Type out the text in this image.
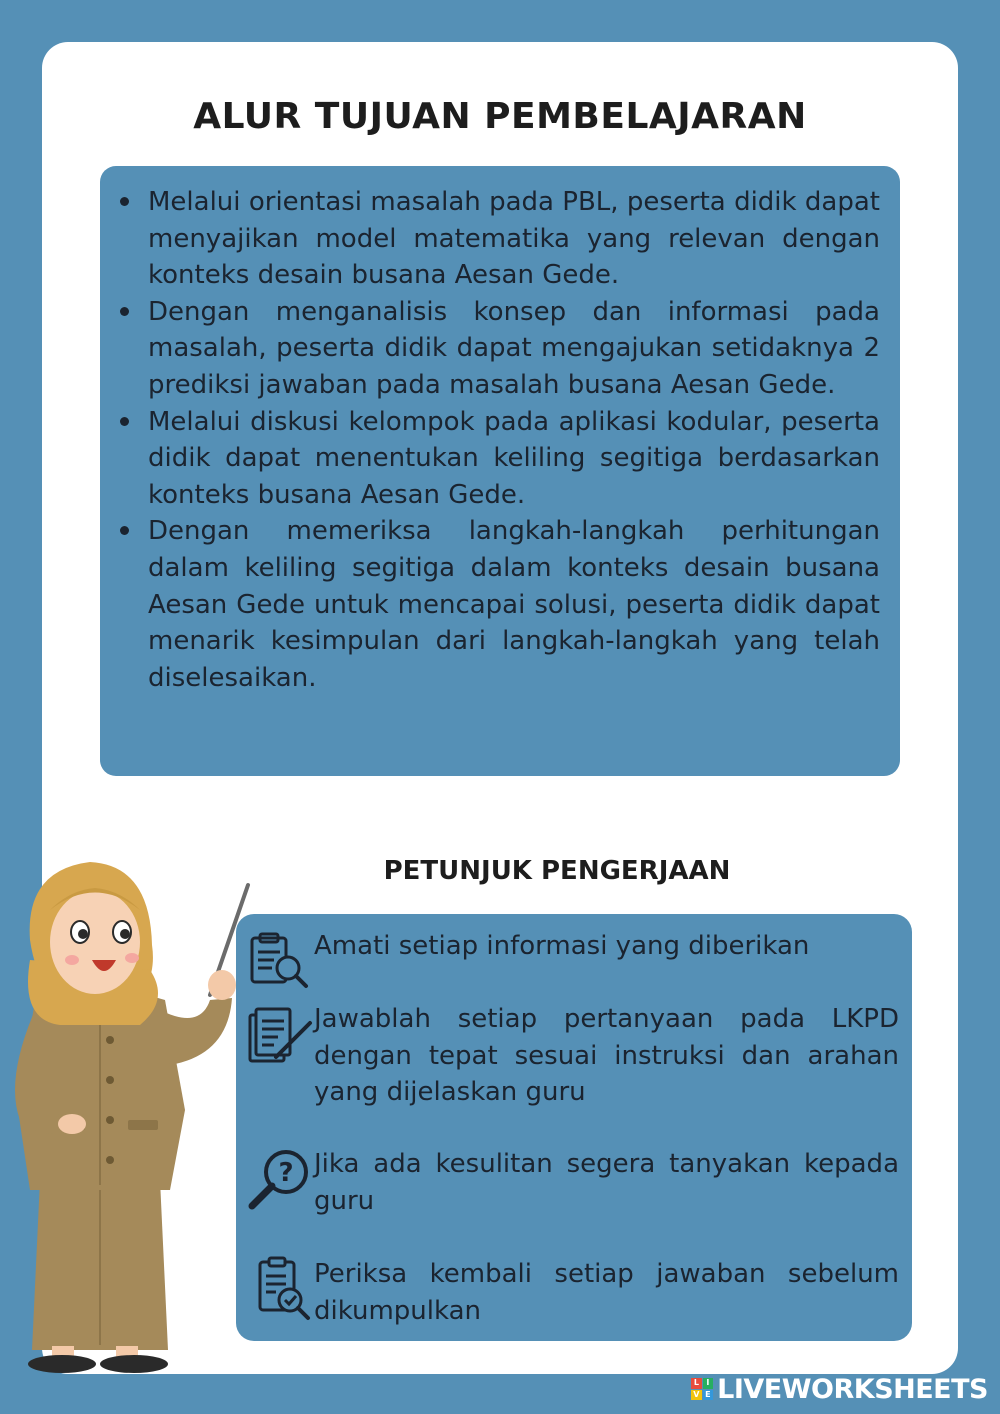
ALUR TUJUAN PEMBELAJARAN
Melalui orientasi masalah pada PBL, peserta didik dapat menyajikan model matematika yang relevan dengan konteks desain busana Aesan Gede.
Dengan menganalisis konsep dan informasi pada masalah, peserta didik dapat mengajukan setidaknya 2 prediksi jawaban pada masalah busana Aesan Gede.
Melalui diskusi kelompok pada aplikasi kodular, peserta didik dapat menentukan keliling segitiga berdasarkan konteks busana Aesan Gede.
Dengan memeriksa langkah-langkah perhitungan dalam keliling segitiga dalam konteks desain busana Aesan Gede untuk mencapai solusi, peserta didik dapat menarik kesimpulan dari langkah-langkah yang telah diselesaikan.
PETUNJUK PENGERJAAN
Amati setiap informasi yang diberikan
Jawablah setiap pertanyaan pada LKPD dengan tepat sesuai instruksi dan arahan yang dijelaskan guru
? Jika ada kesulitan segera tanyakan kepada guru
Periksa kembali setiap jawaban sebelum dikumpulkan
L I
V E LIVEWORKSHEETS
